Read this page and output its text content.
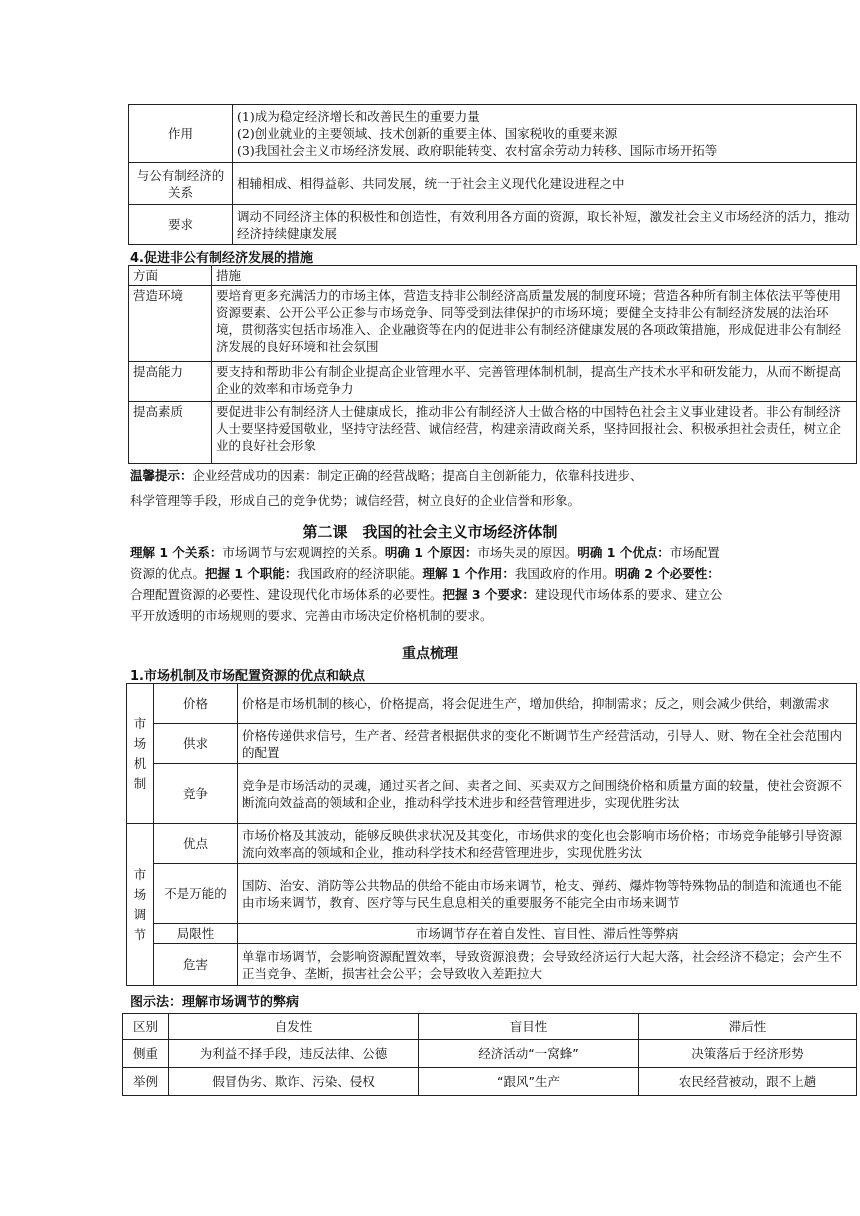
作用	(1)成为稳定经济增长和改善民生的重要力量
(2)创业就业的主要领域、技术创新的重要主体、国家税收的重要来源
(3)我国社会主义市场经济发展、政府职能转变、农村富余劳动力转移、国际市场开拓等

与公有制经济的关系	相辅相成、相得益彰、共同发展，统一于社会主义现代化建设进程之中
要求	调动不同经济主体的积极性和创造性，有效利用各方面的资源，取长补短，激发社会主义市场经济的活力，推动经济持续健康发展
4.促进非公有制经济发展的措施
方面	措施
营造环境	要培育更多充满活力的市场主体，营造支持非公制经济高质量发展的制度环境；营造各种所有制主体依法平等使用资源要素、公开公平公正参与市场竞争、同等受到法律保护的市场环境；要健全支持非公有制经济发展的法治环境，贯彻落实包括市场准入、企业融资等在内的促进非公有制经济健康发展的各项政策措施，形成促进非公有制经济发展的良好环境和社会氛围
提高能力	要支持和帮助非公有制企业提高企业管理水平、完善管理体制机制，提高生产技术水平和研发能力，从而不断提高企业的效率和市场竞争力
提高素质	要促进非公有制经济人士健康成长，推动非公有制经济人士做合格的中国特色社会主义事业建设者。非公有制经济人士要坚持爱国敬业，坚持守法经营、诚信经营，构建亲清政商关系，坚持回报社会、积极承担社会责任，树立企业的良好社会形象
温馨提示：企业经营成功的因素：制定正确的经营战略；提高自主创新能力，依靠科技进步、
科学管理等手段，形成自己的竞争优势；诚信经营，树立良好的企业信誉和形象。
第二课　我国的社会主义市场经济体制
理解 1 个关系：市场调节与宏观调控的关系。明确 1 个原因：市场失灵的原因。明确 1 个优点：市场配置资源的优点。把握 1 个职能：我国政府的经济职能。理解 1 个作用：我国政府的作用。明确 2 个必要性：合理配置资源的必要性、建设现代化市场体系的必要性。把握 3 个要求：建设现代市场体系的要求、建立公平开放透明的市场规则的要求、完善由市场决定价格机制的要求。
重点梳理
1.市场机制及市场配置资源的优点和缺点
市场机制	价格	价格是市场机制的核心，价格提高，将会促进生产，增加供给，抑制需求；反之，则会减少供给，刺激需求
	供求	价格传递供求信号，生产者、经营者根据供求的变化不断调节生产经营活动，引导人、财、物在全社会范围内的配置
	竞争	竞争是市场活动的灵魂，通过买者之间、卖者之间、买卖双方之间围绕价格和质量方面的较量，使社会资源不断流向效益高的领域和企业，推动科学技术进步和经营管理进步，实现优胜劣汰
市场调节	优点	市场价格及其波动，能够反映供求状况及其变化，市场供求的变化也会影响市场价格；市场竞争能够引导资源流向效率高的领域和企业，推动科学技术和经营管理进步，实现优胜劣汰
	不是万能的	国防、治安、消防等公共物品的供给不能由市场来调节，枪支、弹药、爆炸物等特殊物品的制造和流通也不能由市场来调节，教育、医疗等与民生息息相关的重要服务不能完全由市场来调节
	局限性	市场调节存在着自发性、盲目性、滞后性等弊病
	危害	单靠市场调节，会影响资源配置效率，导致资源浪费；会导致经济运行大起大落，社会经济不稳定；会产生不正当竞争、垄断，损害社会公平；会导致收入差距拉大
图示法：理解市场调节的弊病
区别	自发性	盲目性	滞后性
侧重	为利益不择手段，违反法律、公德	经济活动“一窝蜂”	决策落后于经济形势
举例	假冒伪劣、欺诈、污染、侵权	“跟风”生产	农民经营被动，跟不上趟
